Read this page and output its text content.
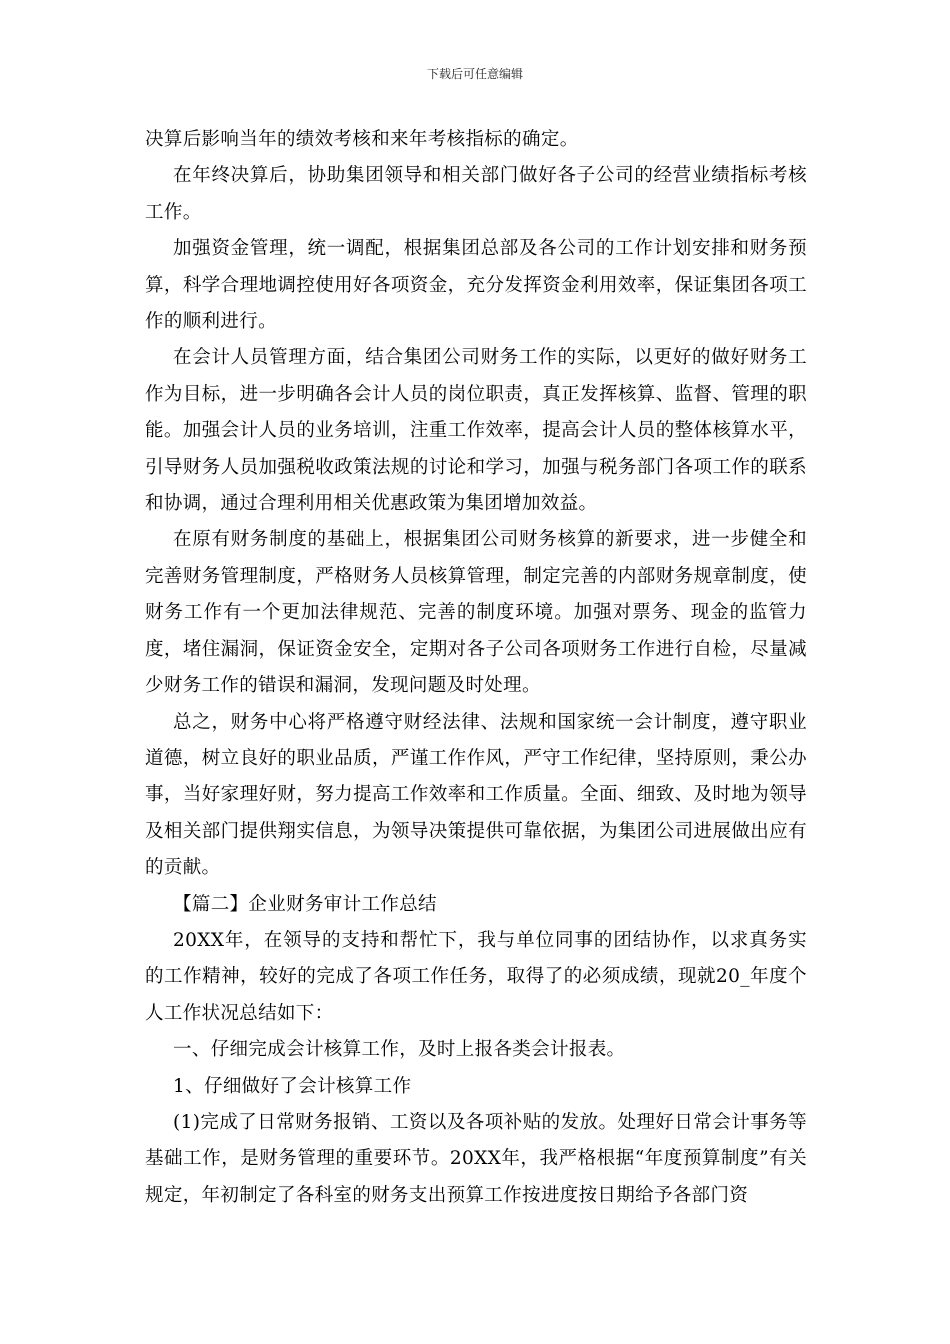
下载后可任意编辑

决算后影响当年的绩效考核和来年考核指标的确定。

在年终决算后，协助集团领导和相关部门做好各子公司的经营业绩指标考核工作。

加强资金管理，统一调配，根据集团总部及各公司的工作计划安排和财务预算，科学合理地调控使用好各项资金，充分发挥资金利用效率，保证集团各项工作的顺利进行。

在会计人员管理方面，结合集团公司财务工作的实际，以更好的做好财务工作为目标，进一步明确各会计人员的岗位职责，真正发挥核算、监督、管理的职能。加强会计人员的业务培训，注重工作效率，提高会计人员的整体核算水平，引导财务人员加强税收政策法规的讨论和学习，加强与税务部门各项工作的联系和协调，通过合理利用相关优惠政策为集团增加效益。

在原有财务制度的基础上，根据集团公司财务核算的新要求，进一步健全和完善财务管理制度，严格财务人员核算管理，制定完善的内部财务规章制度，使财务工作有一个更加法律规范、完善的制度环境。加强对票务、现金的监管力度，堵住漏洞，保证资金安全，定期对各子公司各项财务工作进行自检，尽量减少财务工作的错误和漏洞，发现问题及时处理。

总之，财务中心将严格遵守财经法律、法规和国家统一会计制度，遵守职业道德，树立良好的职业品质，严谨工作作风，严守工作纪律，坚持原则，秉公办事，当好家理好财，努力提高工作效率和工作质量。全面、细致、及时地为领导及相关部门提供翔实信息，为领导决策提供可靠依据，为集团公司进展做出应有的贡献。

【篇二】企业财务审计工作总结

20XX年，在领导的支持和帮忙下，我与单位同事的团结协作，以求真务实的工作精神，较好的完成了各项工作任务，取得了的必须成绩，现就20_年度个人工作状况总结如下：

一、仔细完成会计核算工作，及时上报各类会计报表。

1、仔细做好了会计核算工作

(1)完成了日常财务报销、工资以及各项补贴的发放。处理好日常会计事务等基础工作，是财务管理的重要环节。20XX年，我严格根据“年度预算制度”有关规定，年初制定了各科室的财务支出预算工作按进度按日期给予各部门资
